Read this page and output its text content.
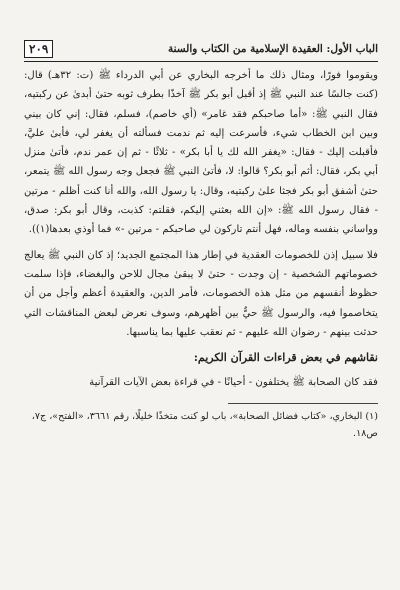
الباب الأول: العقيدة الإسلامية من الكتاب والسنة
٢٠٩

ويقوموا فورًا، ومثال ذلك ما أخرجه البخاري عن أبي الدرداء ﷺ (ت: ٣٢هـ) قال: (كنت جالسًا عند النبي ﷺ إذ أقبل أبو بكر ﷺ آخذًا بطرف ثوبه حتىٰ أبدىٰ عن ركبتيه، فقال النبي ﷺ: «أما صاحبكم فقد غامر» (أي خاصم)، فسلم، فقال: إني كان بيني وبين ابن الخطاب شيء، فأسرعت إليه ثم ندمت فسألته أن يغفر لي، فأبىٰ عليَّ، فأقبلت إليك - فقال: «يغفر الله لك يا أبا بكر» - ثلاثًا - ثم إن عمر ندم، فأتىٰ منزل أبي بكر، فقال: أثم أبو بكر؟ قالوا: لا، فأتىٰ النبي ﷺ فجعل وجه رسول الله ﷺ يتمعر، حتىٰ أشفق أبو بكر فجثا علىٰ ركبتيه، وقال: يا رسول الله، والله أنا كنت أظلم - مرتين - فقال رسول الله ﷺ: «إن الله بعثني إليكم، فقلتم: كذبت، وقال أبو بكر: صدق، وواساني بنفسه وماله، فهل أنتم تاركون لي صاحبكم - مرتين -» فما أوذي بعدها(١)).

فلا سبيل إذن للخصومات العقدية في إطار هذا المجتمع الجديد؛ إذ كان النبي ﷺ يعالج خصوماتهم الشخصية - إن وجدت - حتىٰ لا يبقىٰ مجال للاحن والبغضاء، فإذا سلمت حظوظ أنفسهم من مثل هذه الخصومات، فأمر الدين، والعقيدة أعظم وأجل من أن يتخاصموا فيه، والرسول ﷺ حيٌّ بين أظهرهم، وسوف نعرض لبعض المناقشات التي حدثت بينهم - رضوان الله عليهم - ثم نعقب عليها بما يناسبها.

نقاشهم في بعض قراءات القرآن الكريم:

فقد كان الصحابة ﷺ يختلفون - أحيانًا - في قراءة بعض الآيات القرآنية

(١) البخاري، «كتاب فضائل الصحابة»، باب لو كنت متخذًا خليلًا، رقم ٣٦٦١، «الفتح»، ج٧، ص١٨.
